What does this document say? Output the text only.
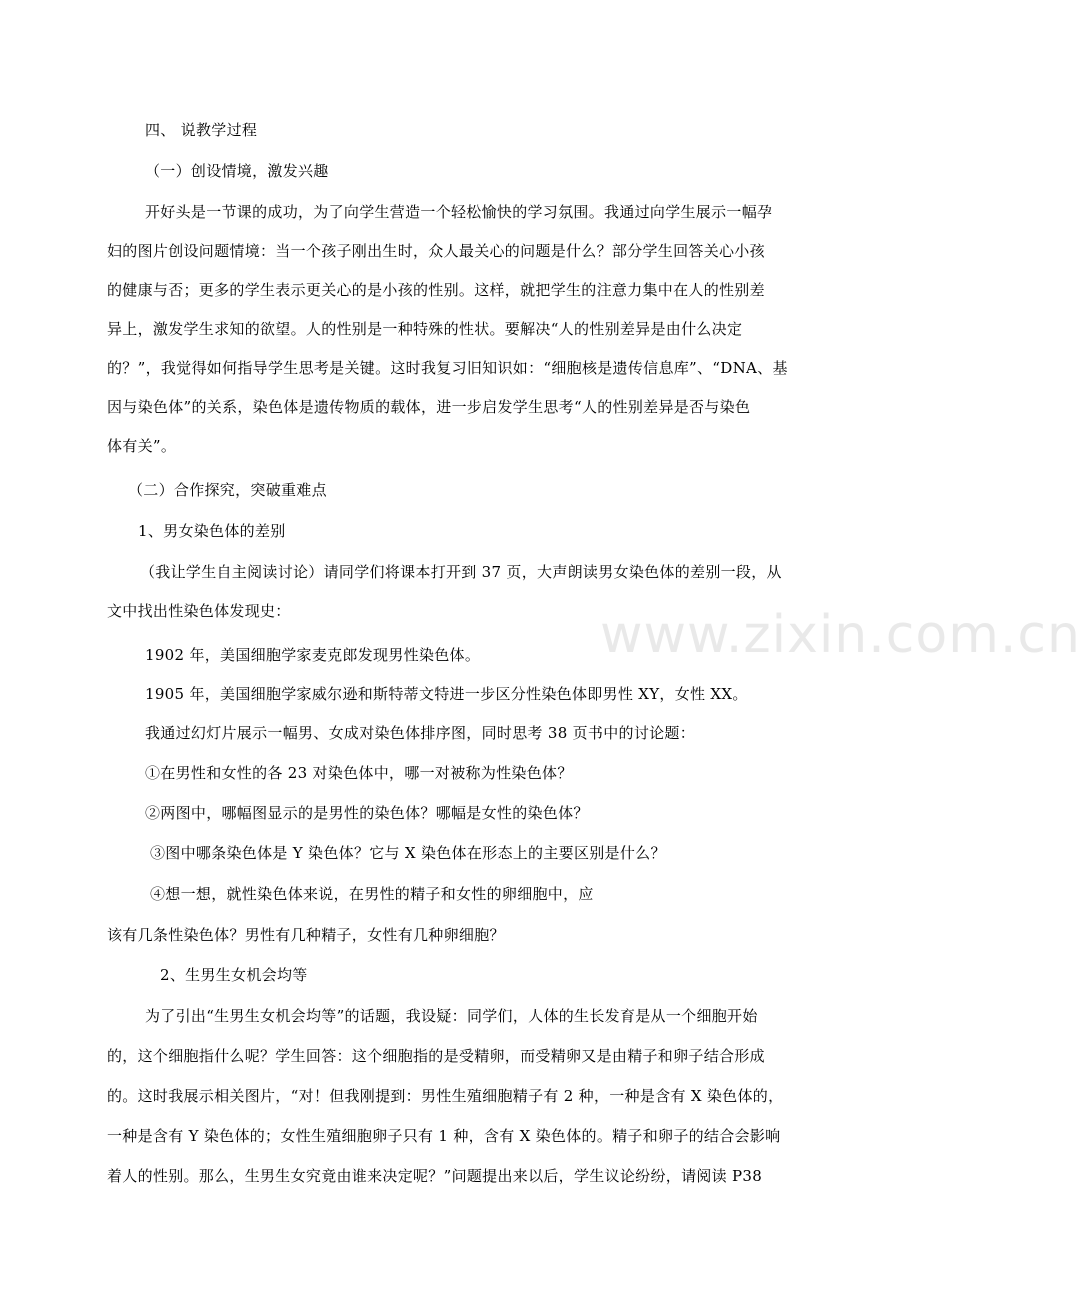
www.zixin.com.cn
四、 说教学过程
（一）创设情境，激发兴趣
开好头是一节课的成功，为了向学生营造一个轻松愉快的学习氛围。我通过向学生展示一幅孕
妇的图片创设问题情境：当一个孩子刚出生时，众人最关心的问题是什么？部分学生回答关心小孩
的健康与否；更多的学生表示更关心的是小孩的性别。这样，就把学生的注意力集中在人的性别差
异上，激发学生求知的欲望。人的性别是一种特殊的性状。要解决“人的性别差异是由什么决定
的？”，我觉得如何指导学生思考是关键。这时我复习旧知识如：“细胞核是遗传信息库”、“DNA、基
因与染色体”的关系，染色体是遗传物质的载体，进一步启发学生思考“人的性别差异是否与染色
体有关”。
（二）合作探究，突破重难点
1、男女染色体的差别
（我让学生自主阅读讨论）请同学们将课本打开到 37 页，大声朗读男女染色体的差别一段，从
文中找出性染色体发现史：
1902 年，美国细胞学家麦克郎发现男性染色体。
1905 年，美国细胞学家威尔逊和斯特蒂文特进一步区分性染色体即男性 XY，女性 XX。
我通过幻灯片展示一幅男、女成对染色体排序图，同时思考 38 页书中的讨论题：
①在男性和女性的各 23 对染色体中，哪一对被称为性染色体？
②两图中，哪幅图显示的是男性的染色体？哪幅是女性的染色体？
③图中哪条染色体是 Y 染色体？它与 X 染色体在形态上的主要区别是什么？
④想一想，就性染色体来说，在男性的精子和女性的卵细胞中，应
该有几条性染色体？男性有几种精子，女性有几种卵细胞？
2、生男生女机会均等
为了引出“生男生女机会均等”的话题，我设疑：同学们，人体的生长发育是从一个细胞开始
的，这个细胞指什么呢？学生回答：这个细胞指的是受精卵，而受精卵又是由精子和卵子结合形成
的。这时我展示相关图片，“对！但我刚提到：男性生殖细胞精子有 2 种，一种是含有 X 染色体的，
一种是含有 Y 染色体的；女性生殖细胞卵子只有 1 种，含有 X 染色体的。精子和卵子的结合会影响
着人的性别。那么，生男生女究竟由谁来决定呢？”问题提出来以后，学生议论纷纷，请阅读 P38
